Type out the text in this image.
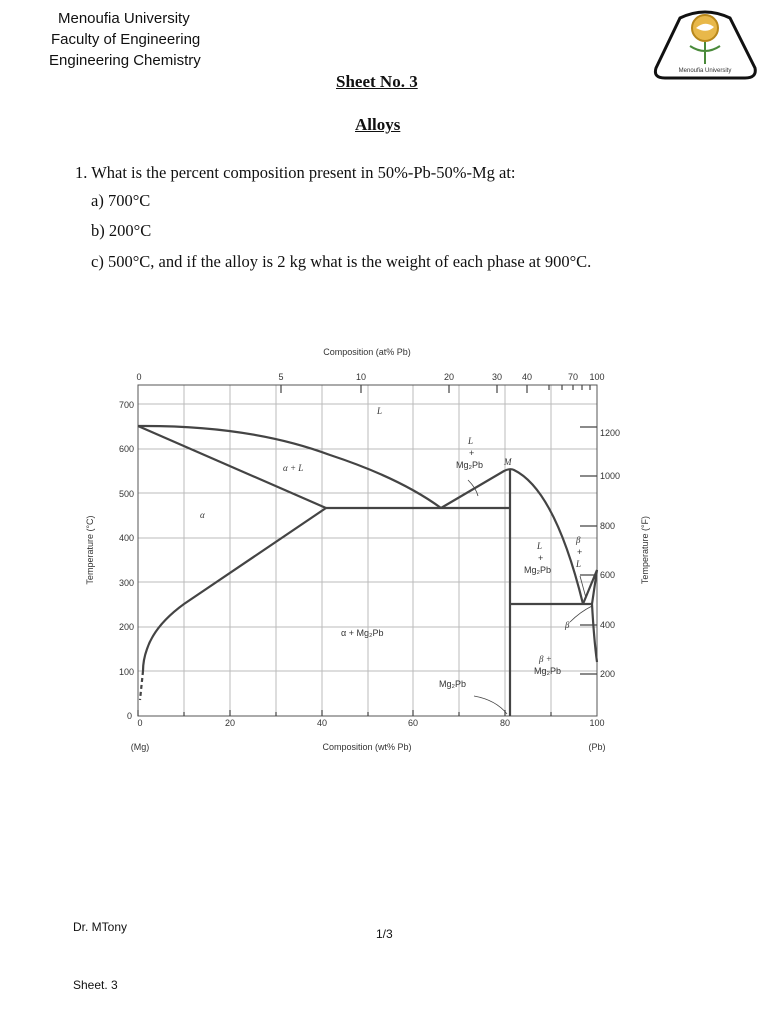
Menoufia University
Faculty of Engineering
Engineering Chemistry
Menoufia University
Sheet No. 3
Alloys
1. What is the percent composition present in 50%-Pb-50%-Mg at:
a) 700°C
b) 200°C
c) 500°C, and if the alloy is 2 kg what is the weight of each phase at 900°C.
Composition (at% Pb)
0	5	10	20	30 40	70 100
0	20	40	60	80	100
(Mg)	Composition (wt% Pb)	(Pb)
0
100
200
300
400
500
600
700
200
400
600
800
1000
1200
Temperature (°C)	Temperature (°F)
L
α + L
α
L
+
Mg₂Pb M
α + Mg₂Pb
L
+
Mg₂Pb
β
+
L
β
β +
Mg₂Pb
Mg₂Pb
Dr. MTony	1/3
Sheet. 3
